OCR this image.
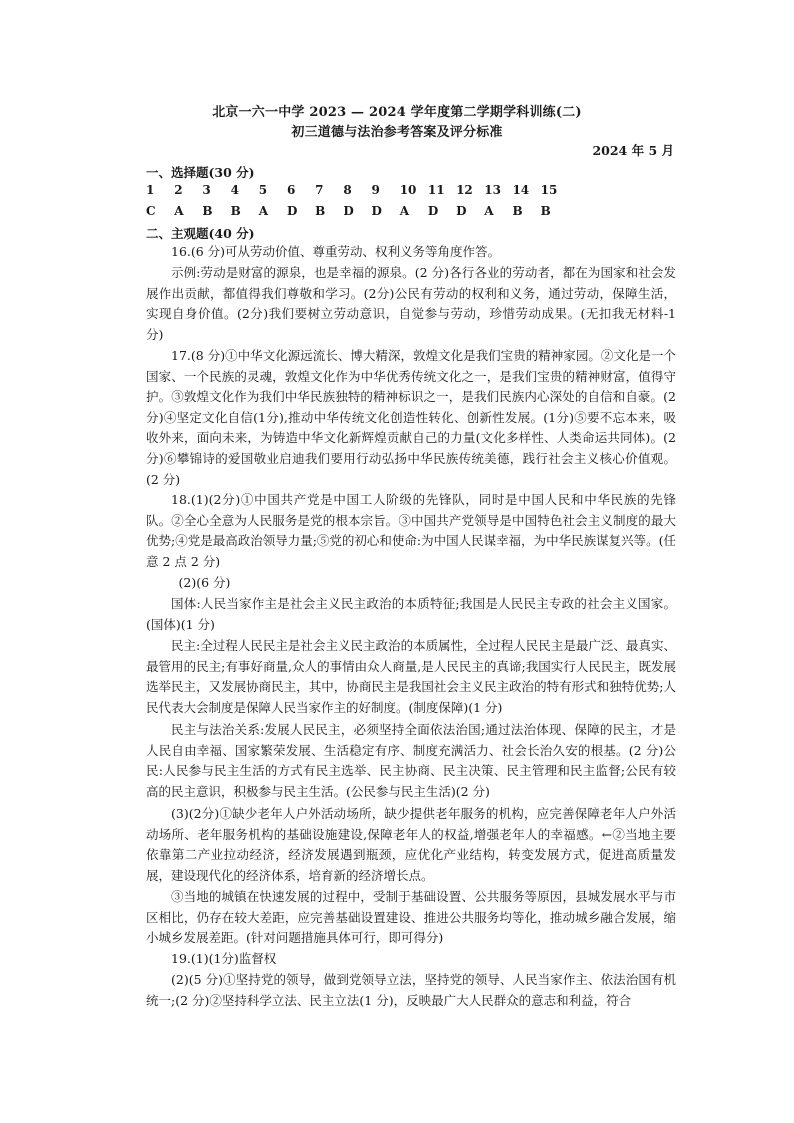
北京一六一中学 2023 — 2024 学年度第二学期学科训练(二)
初三道德与法治参考答案及评分标准
2024 年 5 月
一、选择题(30 分)
1	2	3	4	5	6	7	8	9	10 11 12 13 14 15
C	A	B	B	A	D	B	D	D	A	D	D	A	B	B
二、主观题(40 分)

16.(6 分)可从劳动价值、尊重劳动、权利义务等角度作答。

示例:劳动是财富的源泉，也是幸福的源泉。(2 分)各行各业的劳动者，都在为国家和社会发展作出贡献，都值得我们尊敬和学习。(2分)公民有劳动的权利和义务，通过劳动，保障生活，实现自身价值。(2分)我们要树立劳动意识，自觉参与劳动，珍惜劳动成果。(无扣我无材料-1 分)

17.(8 分)①中华文化源远流长、博大精深，敦煌文化是我们宝贵的精神家园。②文化是一个国家、一个民族的灵魂，敦煌文化作为中华优秀传统文化之一，是我们宝贵的精神财富，值得守护。③敦煌文化作为我们中华民族独特的精神标识之一，是我们民族内心深处的自信和自豪。(2分)④坚定文化自信(1分),推动中华传统文化创造性转化、创新性发展。(1分)⑤要不忘本来，吸收外来，面向未来，为铸造中华文化新辉煌贡献自己的力量(文化多样性、人类命运共同体)。(2分)⑥攀锦诗的爱国敬业启迪我们要用行动弘扬中华民族传统美德，践行社会主义核心价值观。(2 分)

18.(1)(2分)①中国共产党是中国工人阶级的先锋队，同时是中国人民和中华民族的先锋队。②全心全意为人民服务是党的根本宗旨。③中国共产党领导是中国特色社会主义制度的最大优势;④党是最高政治领导力量;⑤党的初心和使命:为中国人民谋幸福，为中华民族谋复兴等。(任意 2 点 2 分)

(2)(6 分)

国体:人民当家作主是社会主义民主政治的本质特征;我国是人民民主专政的社会主义国家。(国体)(1 分)

民主:全过程人民民主是社会主义民主政治的本质属性，全过程人民民主是最广泛、最真实、最管用的民主;有事好商量,众人的事情由众人商量,是人民民主的真谛;我国实行人民民主，既发展选举民主，又发展协商民主，其中，协商民主是我国社会主义民主政治的特有形式和独特优势;人民代表大会制度是保障人民当家作主的好制度。(制度保障)(1 分)

民主与法治关系:发展人民民主，必须坚持全面依法治国;通过法治体现、保障的民主，才是人民自由幸福、国家繁荣发展、生活稳定有序、制度充满活力、社会长治久安的根基。(2 分)公民:人民参与民主生活的方式有民主选举、民主协商、民主决策、民主管理和民主监督;公民有较高的民主意识，积极参与民主生活。(公民参与民主生活)(2 分)

(3)(2分)①缺少老年人户外活动场所，缺少提供老年服务的机构，应完善保障老年人户外活动场所、老年服务机构的基础设施建设,保障老年人的权益,增强老年人的幸福感。←②当地主要依靠第二产业拉动经济，经济发展遇到瓶颈，应优化产业结构，转变发展方式，促进高质量发展，建设现代化的经济体系，培育新的经济增长点。

③当地的城镇在快速发展的过程中，受制于基础设置、公共服务等原因，县城发展水平与市区相比，仍存在较大差距，应完善基础设置建设、推进公共服务均等化，推动城乡融合发展，缩小城乡发展差距。(针对问题措施具体可行，即可得分)

19.(1)(1分)监督权

(2)(5 分)①坚持党的领导，做到党领导立法，坚持党的领导、人民当家作主、依法治国有机统一;(2 分)②坚持科学立法、民主立法(1 分)，反映最广大人民群众的意志和利益，符合
